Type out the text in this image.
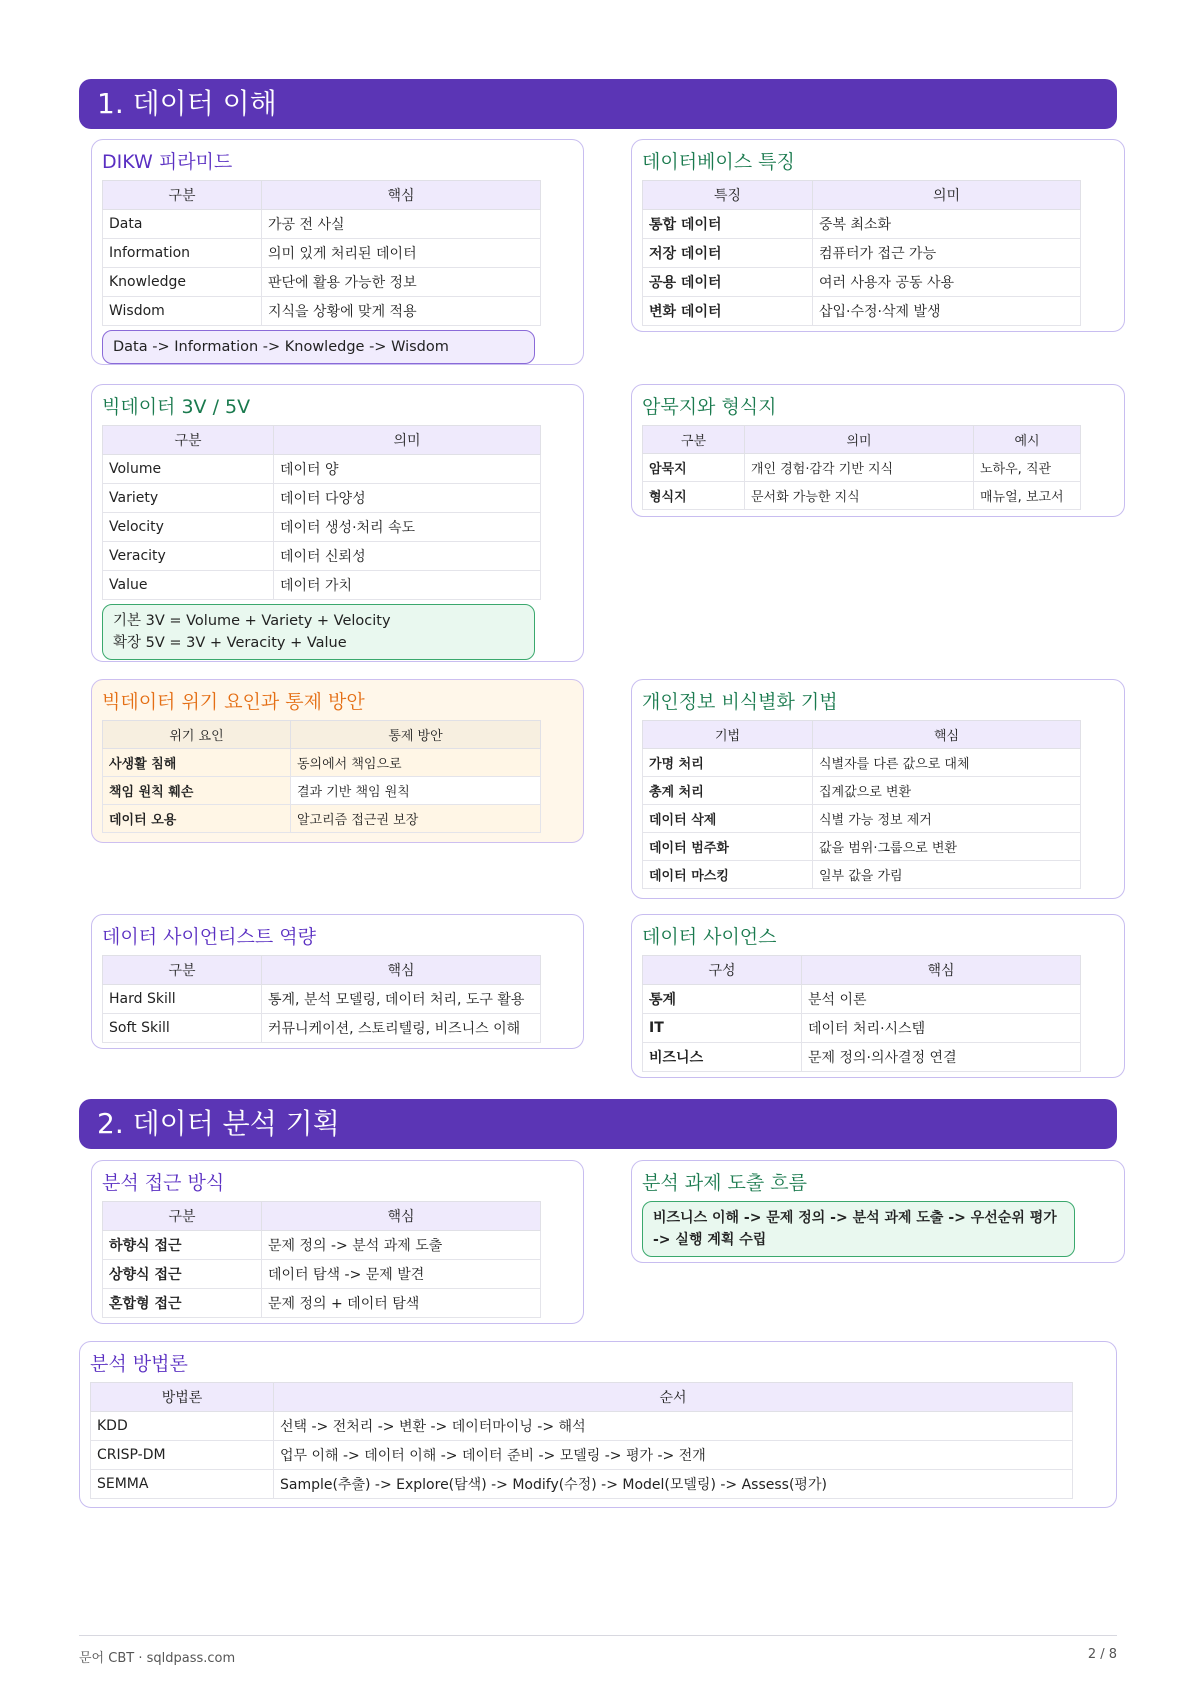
1. 데이터 이해
DIKW 피라미드
구분	핵심
Data	가공 전 사실
Information	의미 있게 처리된 데이터
Knowledge	판단에 활용 가능한 정보
Wisdom	지식을 상황에 맞게 적용
Data -> Information -> Knowledge -> Wisdom
데이터베이스 특징
특징	의미
통합 데이터	중복 최소화
저장 데이터	컴퓨터가 접근 가능
공용 데이터	여러 사용자 공동 사용
변화 데이터	삽입·수정·삭제 발생
빅데이터 3V / 5V
구분	의미
Volume	데이터 양
Variety	데이터 다양성
Velocity	데이터 생성·처리 속도
Veracity	데이터 신뢰성
Value	데이터 가치
기본 3V = Volume + Variety + Velocity
확장 5V = 3V + Veracity + Value
암묵지와 형식지
구분	의미	예시
암묵지	개인 경험·감각 기반 지식	노하우, 직관
형식지	문서화 가능한 지식	매뉴얼, 보고서
빅데이터 위기 요인과 통제 방안
위기 요인	통제 방안
사생활 침해	동의에서 책임으로
책임 원칙 훼손	결과 기반 책임 원칙
데이터 오용	알고리즘 접근권 보장
개인정보 비식별화 기법
기법	핵심
가명 처리	식별자를 다른 값으로 대체
총계 처리	집계값으로 변환
데이터 삭제	식별 가능 정보 제거
데이터 범주화	값을 범위·그룹으로 변환
데이터 마스킹	일부 값을 가림
데이터 사이언티스트 역량
구분	핵심
Hard Skill	통계, 분석 모델링, 데이터 처리, 도구 활용
Soft Skill	커뮤니케이션, 스토리텔링, 비즈니스 이해
데이터 사이언스
구성	핵심
통계	분석 이론
IT	데이터 처리·시스템
비즈니스	문제 정의·의사결정 연결
2. 데이터 분석 기획
분석 접근 방식
구분	핵심
하향식 접근	문제 정의 -> 분석 과제 도출
상향식 접근	데이터 탐색 -> 문제 발견
혼합형 접근	문제 정의 + 데이터 탐색
분석 과제 도출 흐름
비즈니스 이해 -> 문제 정의 -> 분석 과제 도출 -> 우선순위 평가
-> 실행 계획 수립
분석 방법론
방법론	순서
KDD	선택 -> 전처리 -> 변환 -> 데이터마이닝 -> 해석
CRISP-DM	업무 이해 -> 데이터 이해 -> 데이터 준비 -> 모델링 -> 평가 -> 전개
SEMMA	Sample(추출) -> Explore(탐색) -> Modify(수정) -> Model(모델링) -> Assess(평가)
문어 CBT · sqldpass.com	2 / 8
